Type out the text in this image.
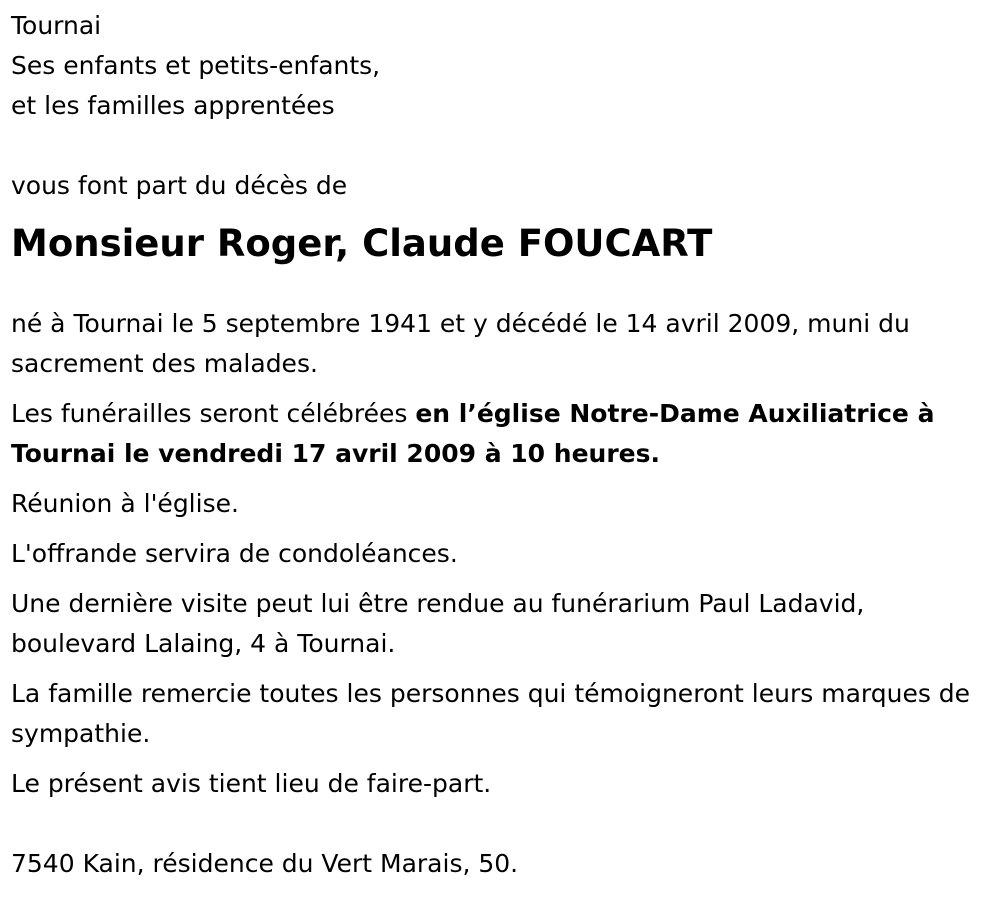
Tournai

Ses enfants et petits-enfants,

et les familles apprentées

vous font part du décès de

Monsieur Roger, Claude FOUCART

né à Tournai le 5 septembre 1941 et y décédé le 14 avril 2009, muni du sacrement des malades.

Les funérailles seront célébrées en l’église Notre-Dame Auxiliatrice à Tournai le vendredi 17 avril 2009 à 10 heures.

Réunion à l'église.

L'offrande servira de condoléances.

Une dernière visite peut lui être rendue au funérarium Paul Ladavid, boulevard Lalaing, 4 à Tournai.

La famille remercie toutes les personnes qui témoigneront leurs marques de sympathie.

Le présent avis tient lieu de faire-part.

7540 Kain, résidence du Vert Marais, 50.
